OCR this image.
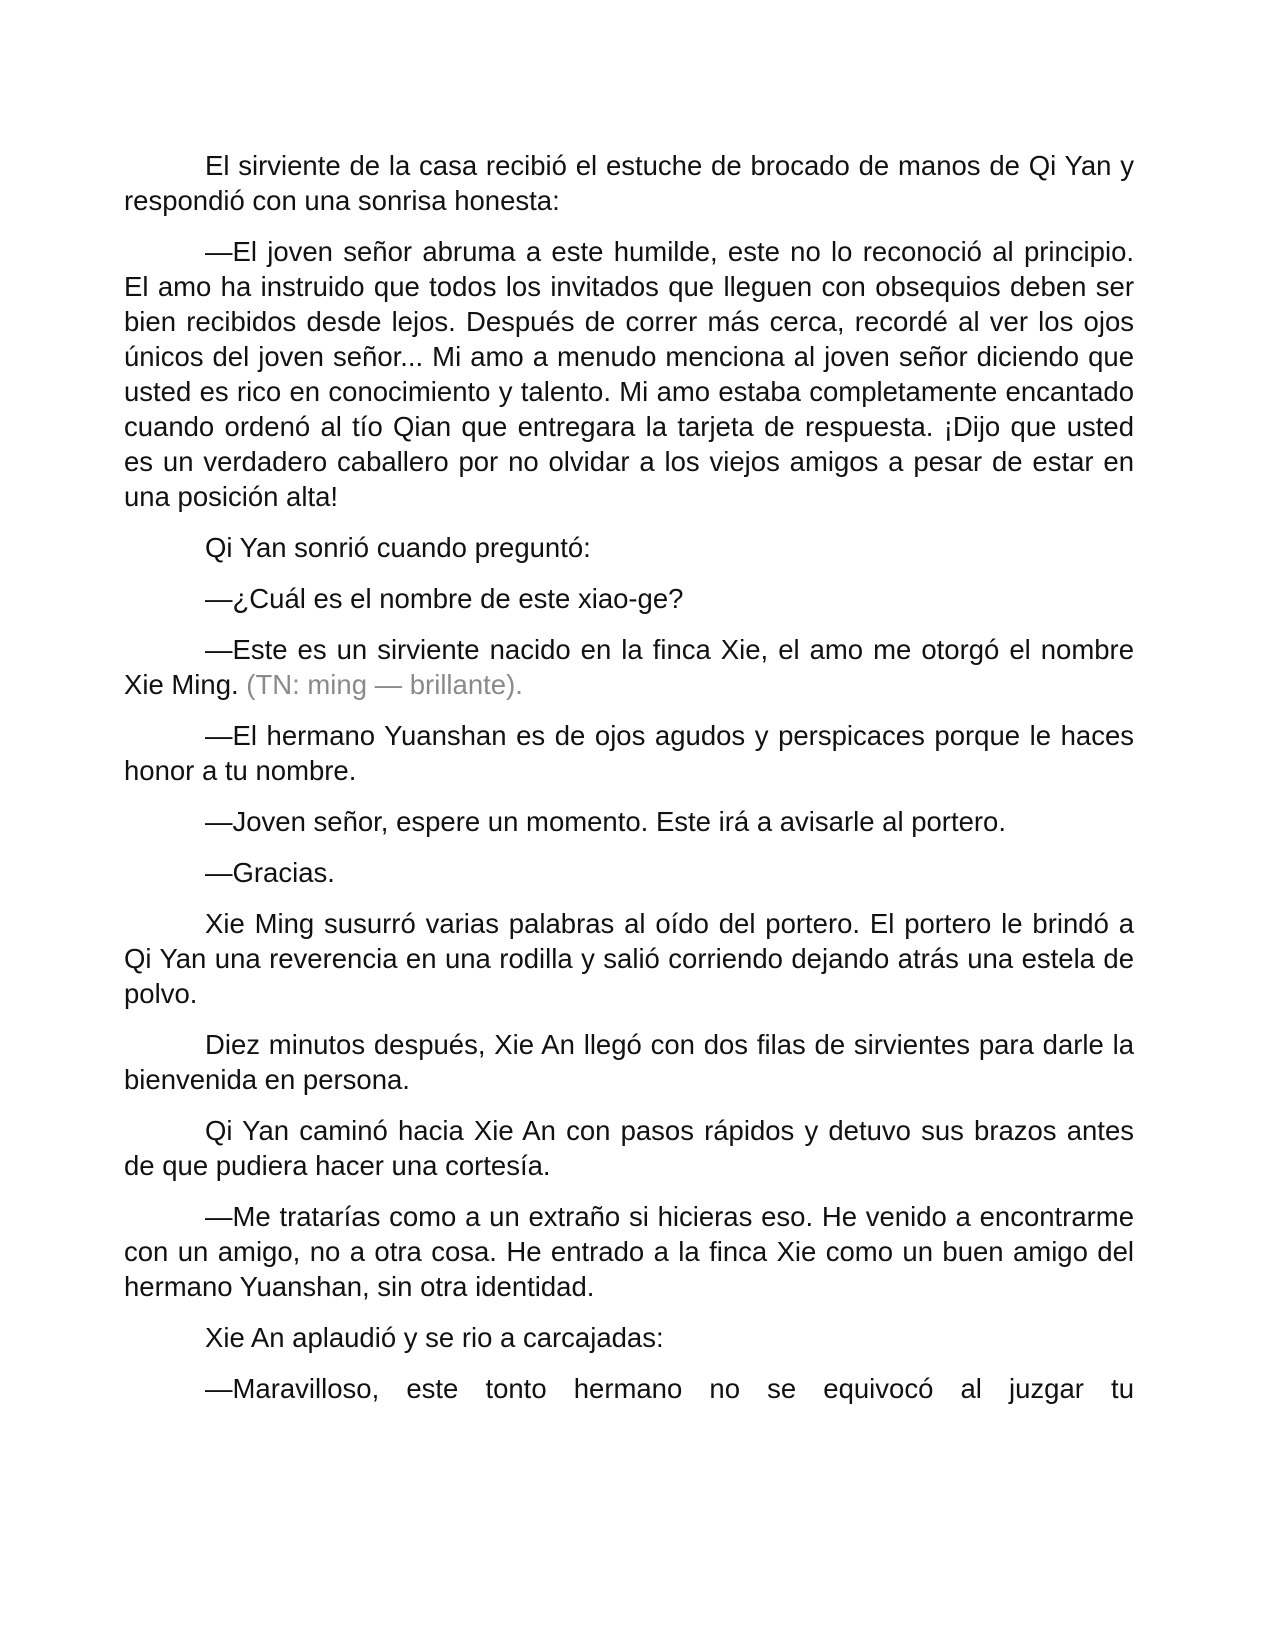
El sirviente de la casa recibió el estuche de brocado de manos de Qi Yan y respondió con una sonrisa honesta:

—El joven señor abruma a este humilde, este no lo reconoció al principio. El amo ha instruido que todos los invitados que lleguen con obsequios deben ser bien recibidos desde lejos. Después de correr más cerca, recordé al ver los ojos únicos del joven señor... Mi amo a menudo menciona al joven señor diciendo que usted es rico en conocimiento y talento. Mi amo estaba completamente encantado cuando ordenó al tío Qian que entregara la tarjeta de respuesta. ¡Dijo que usted es un verdadero caballero por no olvidar a los viejos amigos a pesar de estar en una posición alta!

Qi Yan sonrió cuando preguntó:

—¿Cuál es el nombre de este xiao-ge?

—Este es un sirviente nacido en la finca Xie, el amo me otorgó el nombre Xie Ming. (TN: ming — brillante).

—El hermano Yuanshan es de ojos agudos y perspicaces porque le haces honor a tu nombre.

—Joven señor, espere un momento. Este irá a avisarle al portero.

—Gracias.

Xie Ming susurró varias palabras al oído del portero. El portero le brindó a Qi Yan una reverencia en una rodilla y salió corriendo dejando atrás una estela de polvo.

Diez minutos después, Xie An llegó con dos filas de sirvientes para darle la bienvenida en persona.

Qi Yan caminó hacia Xie An con pasos rápidos y detuvo sus brazos antes de que pudiera hacer una cortesía.

—Me tratarías como a un extraño si hicieras eso. He venido a encontrarme con un amigo, no a otra cosa. He entrado a la finca Xie como un buen amigo del hermano Yuanshan, sin otra identidad.

Xie An aplaudió y se rio a carcajadas:

—Maravilloso, este tonto hermano no se equivocó al juzgar tu
